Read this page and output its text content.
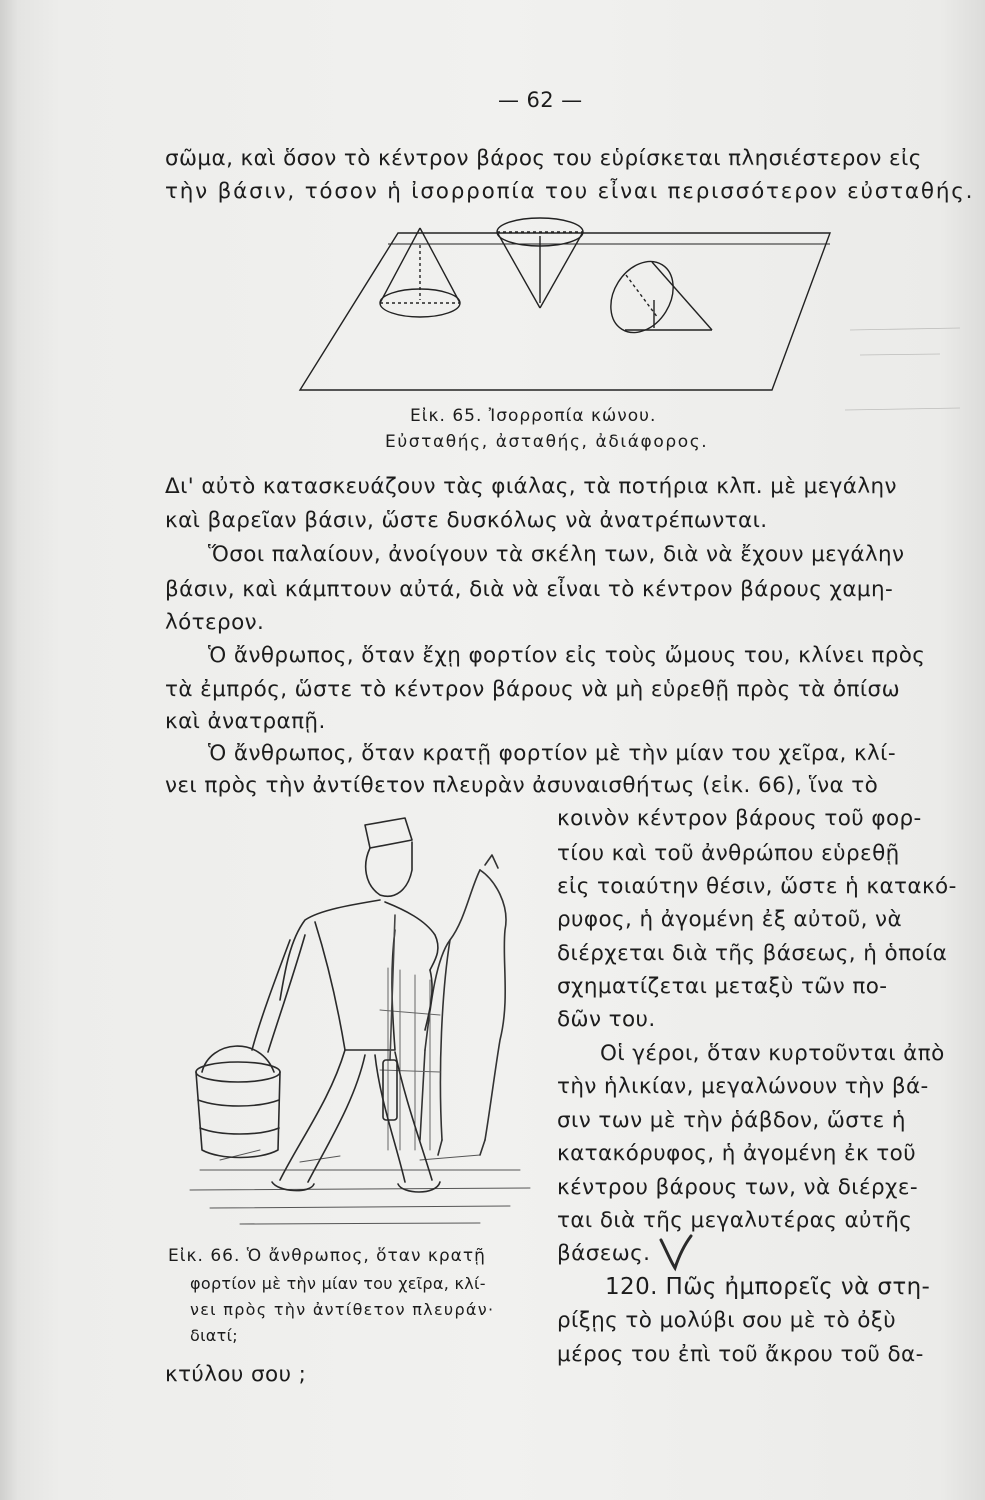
— 62 —
σῶμα, καὶ ὅσον τὸ κέντρον βάρος του εὑρίσκεται πλησιέστερον εἰς
τὴν βάσιν, τόσον ἡ ἰσορροπία του εἶναι περισσότερον εὐσταθής.
Εἰκ. 65. Ἰσορροπία κώνου.
Εὐσταθής, ἀσταθής, ἀδιάφορος.
Δι' αὐτὸ κατασκευάζουν τὰς φιάλας, τὰ ποτήρια κλπ. μὲ μεγάλην
καὶ βαρεῖαν βάσιν, ὥστε δυσκόλως νὰ ἀνατρέπωνται.
Ὅσοι παλαίουν, ἀνοίγουν τὰ σκέλη των, διὰ νὰ ἔχουν μεγάλην
βάσιν, καὶ κάμπτουν αὐτά, διὰ νὰ εἶναι τὸ κέντρον βάρους χαμη-
λότερον.
Ὁ ἄνθρωπος, ὅταν ἔχῃ φορτίον εἰς τοὺς ὤμους του, κλίνει πρὸς
τὰ ἐμπρός, ὥστε τὸ κέντρον βάρους νὰ μὴ εὑρεθῇ πρὸς τὰ ὀπίσω
καὶ ἀνατραπῇ.
Ὁ ἄνθρωπος, ὅταν κρατῇ φορτίον μὲ τὴν μίαν του χεῖρα, κλί-
νει πρὸς τὴν ἀντίθετον πλευρὰν ἀσυναισθήτως (εἰκ. 66), ἵνα τὸ
κοινὸν κέντρον βάρους τοῦ φορ-
τίου καὶ τοῦ ἀνθρώπου εὑρεθῇ
εἰς τοιαύτην θέσιν, ὥστε ἡ κατακό-
ρυφος, ἡ ἀγομένη ἐξ αὐτοῦ, νὰ
διέρχεται διὰ τῆς βάσεως, ἡ ὁποία
σχηματίζεται μεταξὺ τῶν πο-
δῶν του.
Οἱ γέροι, ὅταν κυρτοῦνται ἀπὸ
τὴν ἡλικίαν, μεγαλώνουν τὴν βά-
σιν των μὲ τὴν ῥάβδον, ὥστε ἡ
κατακόρυφος, ἡ ἀγομένη ἐκ τοῦ
κέντρου βάρους των, νὰ διέρχε-
ται διὰ τῆς μεγαλυτέρας αὐτῆς
βάσεως.
120. Πῶς ἠμπορεῖς νὰ στη-
ρίξῃς τὸ μολύβι σου μὲ τὸ ὀξὺ
μέρος του ἐπὶ τοῦ ἄκρου τοῦ δα-
Εἰκ. 66. Ὁ ἄνθρωπος, ὅταν κρατῇ
φορτίον μὲ τὴν μίαν του χεῖρα, κλί-
νει πρὸς τὴν ἀντίθετον πλευράν·
διατί;
κτύλου σου ;
